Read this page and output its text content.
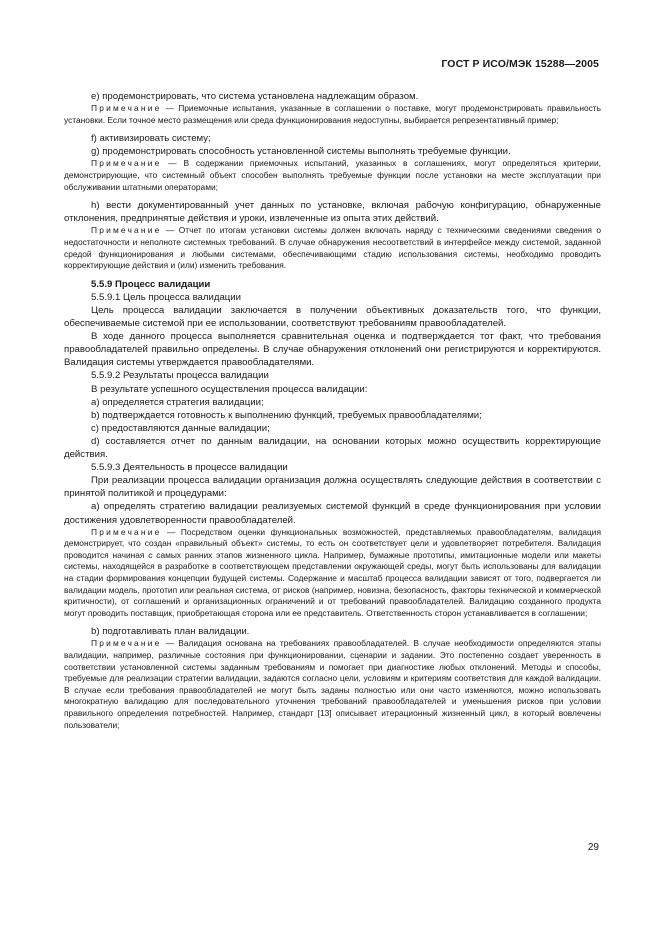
ГОСТ Р ИСО/МЭК 15288—2005

е) продемонстрировать, что система установлена надлежащим образом.

Примечание — Приемочные испытания, указанные в соглашении о поставке, могут продемонстрировать правильность установки. Если точное место размещения или среда функционирования недоступны, выбирается репрезентативный пример;

f) активизировать систему;

g) продемонстрировать способность установленной системы выполнять требуемые функции.

Примечание — В содержании приемочных испытаний, указанных в соглашениях, могут определяться критерии, демонстрирующие, что системный объект способен выполнять требуемые функции после установки на месте эксплуатации при обслуживании штатными операторами;

h) вести документированный учет данных по установке, включая рабочую конфигурацию, обнаруженные отклонения, предпринятые действия и уроки, извлеченные из опыта этих действий.

Примечание — Отчет по итогам установки системы должен включать наряду с техническими сведениями сведения о недостаточности и неполноте системных требований. В случае обнаружения несоответствий в интерфейсе между системой, заданной средой функционирования и любыми системами, обеспечивающими стадию использования системы, необходимо проводить корректирующие действия и (или) изменить требования.

5.5.9 Процесс валидации

5.5.9.1 Цель процесса валидации

Цель процесса валидации заключается в получении объективных доказательств того, что функции, обеспечиваемые системой при ее использовании, соответствуют требованиям правообладателей.

В ходе данного процесса выполняется сравнительная оценка и подтверждается тот факт, что требования правообладателей правильно определены. В случае обнаружения отклонений они регистрируются и корректируются. Валидация системы утверждается правообладателями.

5.5.9.2 Результаты процесса валидации

В результате успешного осуществления процесса валидации:

а) определяется стратегия валидации;

b) подтверждается готовность к выполнению функций, требуемых правообладателями;

с) предоставляются данные валидации;

d) составляется отчет по данным валидации, на основании которых можно осуществить корректирующие действия.

5.5.9.3 Деятельность в процессе валидации

При реализации процесса валидации организация должна осуществлять следующие действия в соответствии с принятой политикой и процедурами:

а) определять стратегию валидации реализуемых системой функций в среде функционирования при условии достижения удовлетворенности правообладателей.

Примечание — Посредством оценки функциональных возможностей, представляемых правообладателям, валидация демонстрирует, что создан «правильный объект» системы, то есть он соответствует цели и удовлетворяет потребителя. Валидация проводится начиная с самых ранних этапов жизненного цикла. Например, бумажные прототипы, имитационные модели или макеты системы, находящейся в разработке в соответствующем представлении окружающей среды, могут быть использованы для валидации на стадии формирования концепции будущей системы. Содержание и масштаб процесса валидации зависят от того, подвергается ли валидации модель, прототип или реальная система, от рисков (например, новизна, безопасность, факторы технической и коммерческой критичности), от соглашений и организационных ограничений и от требований правообладателей. Валидацию созданного продукта могут проводить поставщик, приобретающая сторона или ее представитель. Ответственность сторон устанавливается в соглашении;

b) подготавливать план валидации.

Примечание — Валидация основана на требованиях правообладателей. В случае необходимости определяются этапы валидации, например, различные состояния при функционировании, сценарии и задании. Это постепенно создает уверенность в соответствии установленной системы заданным требованиям и помогает при диагностике любых отклонений. Методы и способы, требуемые для реализации стратегии валидации, задаются согласно цели, условиям и критериям соответствия для каждой валидации. В случае если требования правообладателей не могут быть заданы полностью или они часто изменяются, можно использовать многократную валидацию для последовательного уточнения требований правообладателей и уменьшения рисков при условии правильного определения потребностей. Например, стандарт [13] описывает итерационный жизненный цикл, в который вовлечены пользователи;

29
